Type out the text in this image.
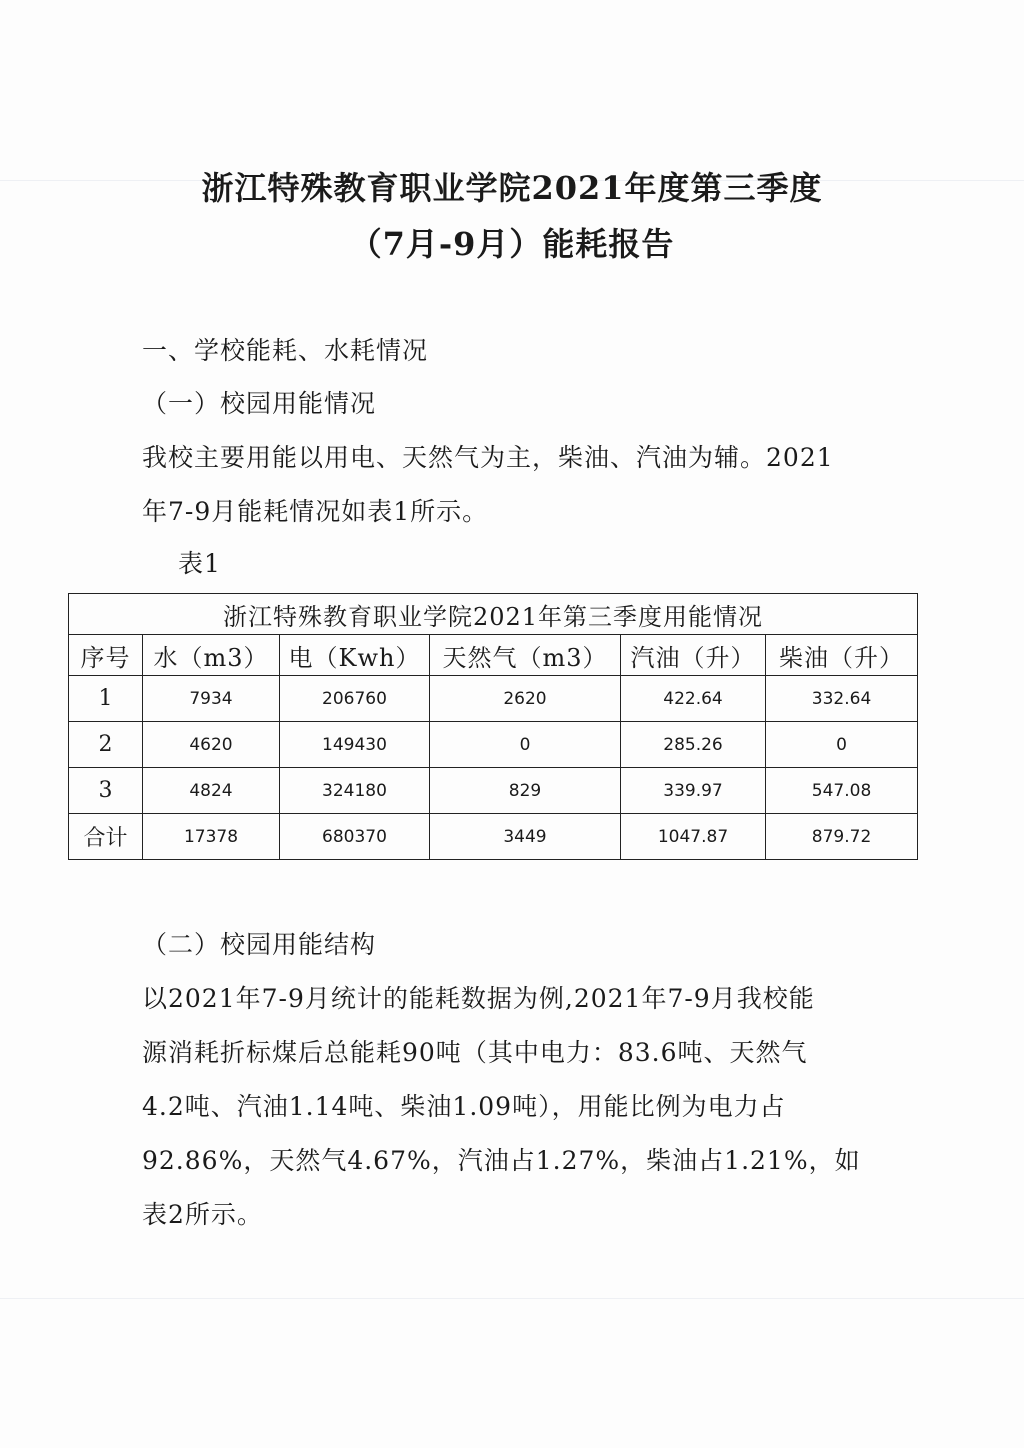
浙江特殊教育职业学院2021年度第三季度
（7月-9月）能耗报告
一、学校能耗、水耗情况
（一）校园用能情况
我校主要用能以用电、天然气为主，柴油、汽油为辅。2021
年7-9月能耗情况如表1所示。
表1
浙江特殊教育职业学院2021年第三季度用能情况					
序号	水（m3）	电（Kwh）	天然气（m3）	汽油（升）	柴油（升）
1	7934	206760	2620	422.64	332.64
2	4620	149430	0	285.26	0
3	4824	324180	829	339.97	547.08
合计	17378	680370	3449	1047.87	879.72
（二）校园用能结构
以2021年7-9月统计的能耗数据为例,2021年7-9月我校能
源消耗折标煤后总能耗90吨（其中电力：83.6吨、天然气
4.2吨、汽油1.14吨、柴油1.09吨），用能比例为电力占
92.86%，天然气4.67%，汽油占1.27%，柴油占1.21%，如
表2所示。
